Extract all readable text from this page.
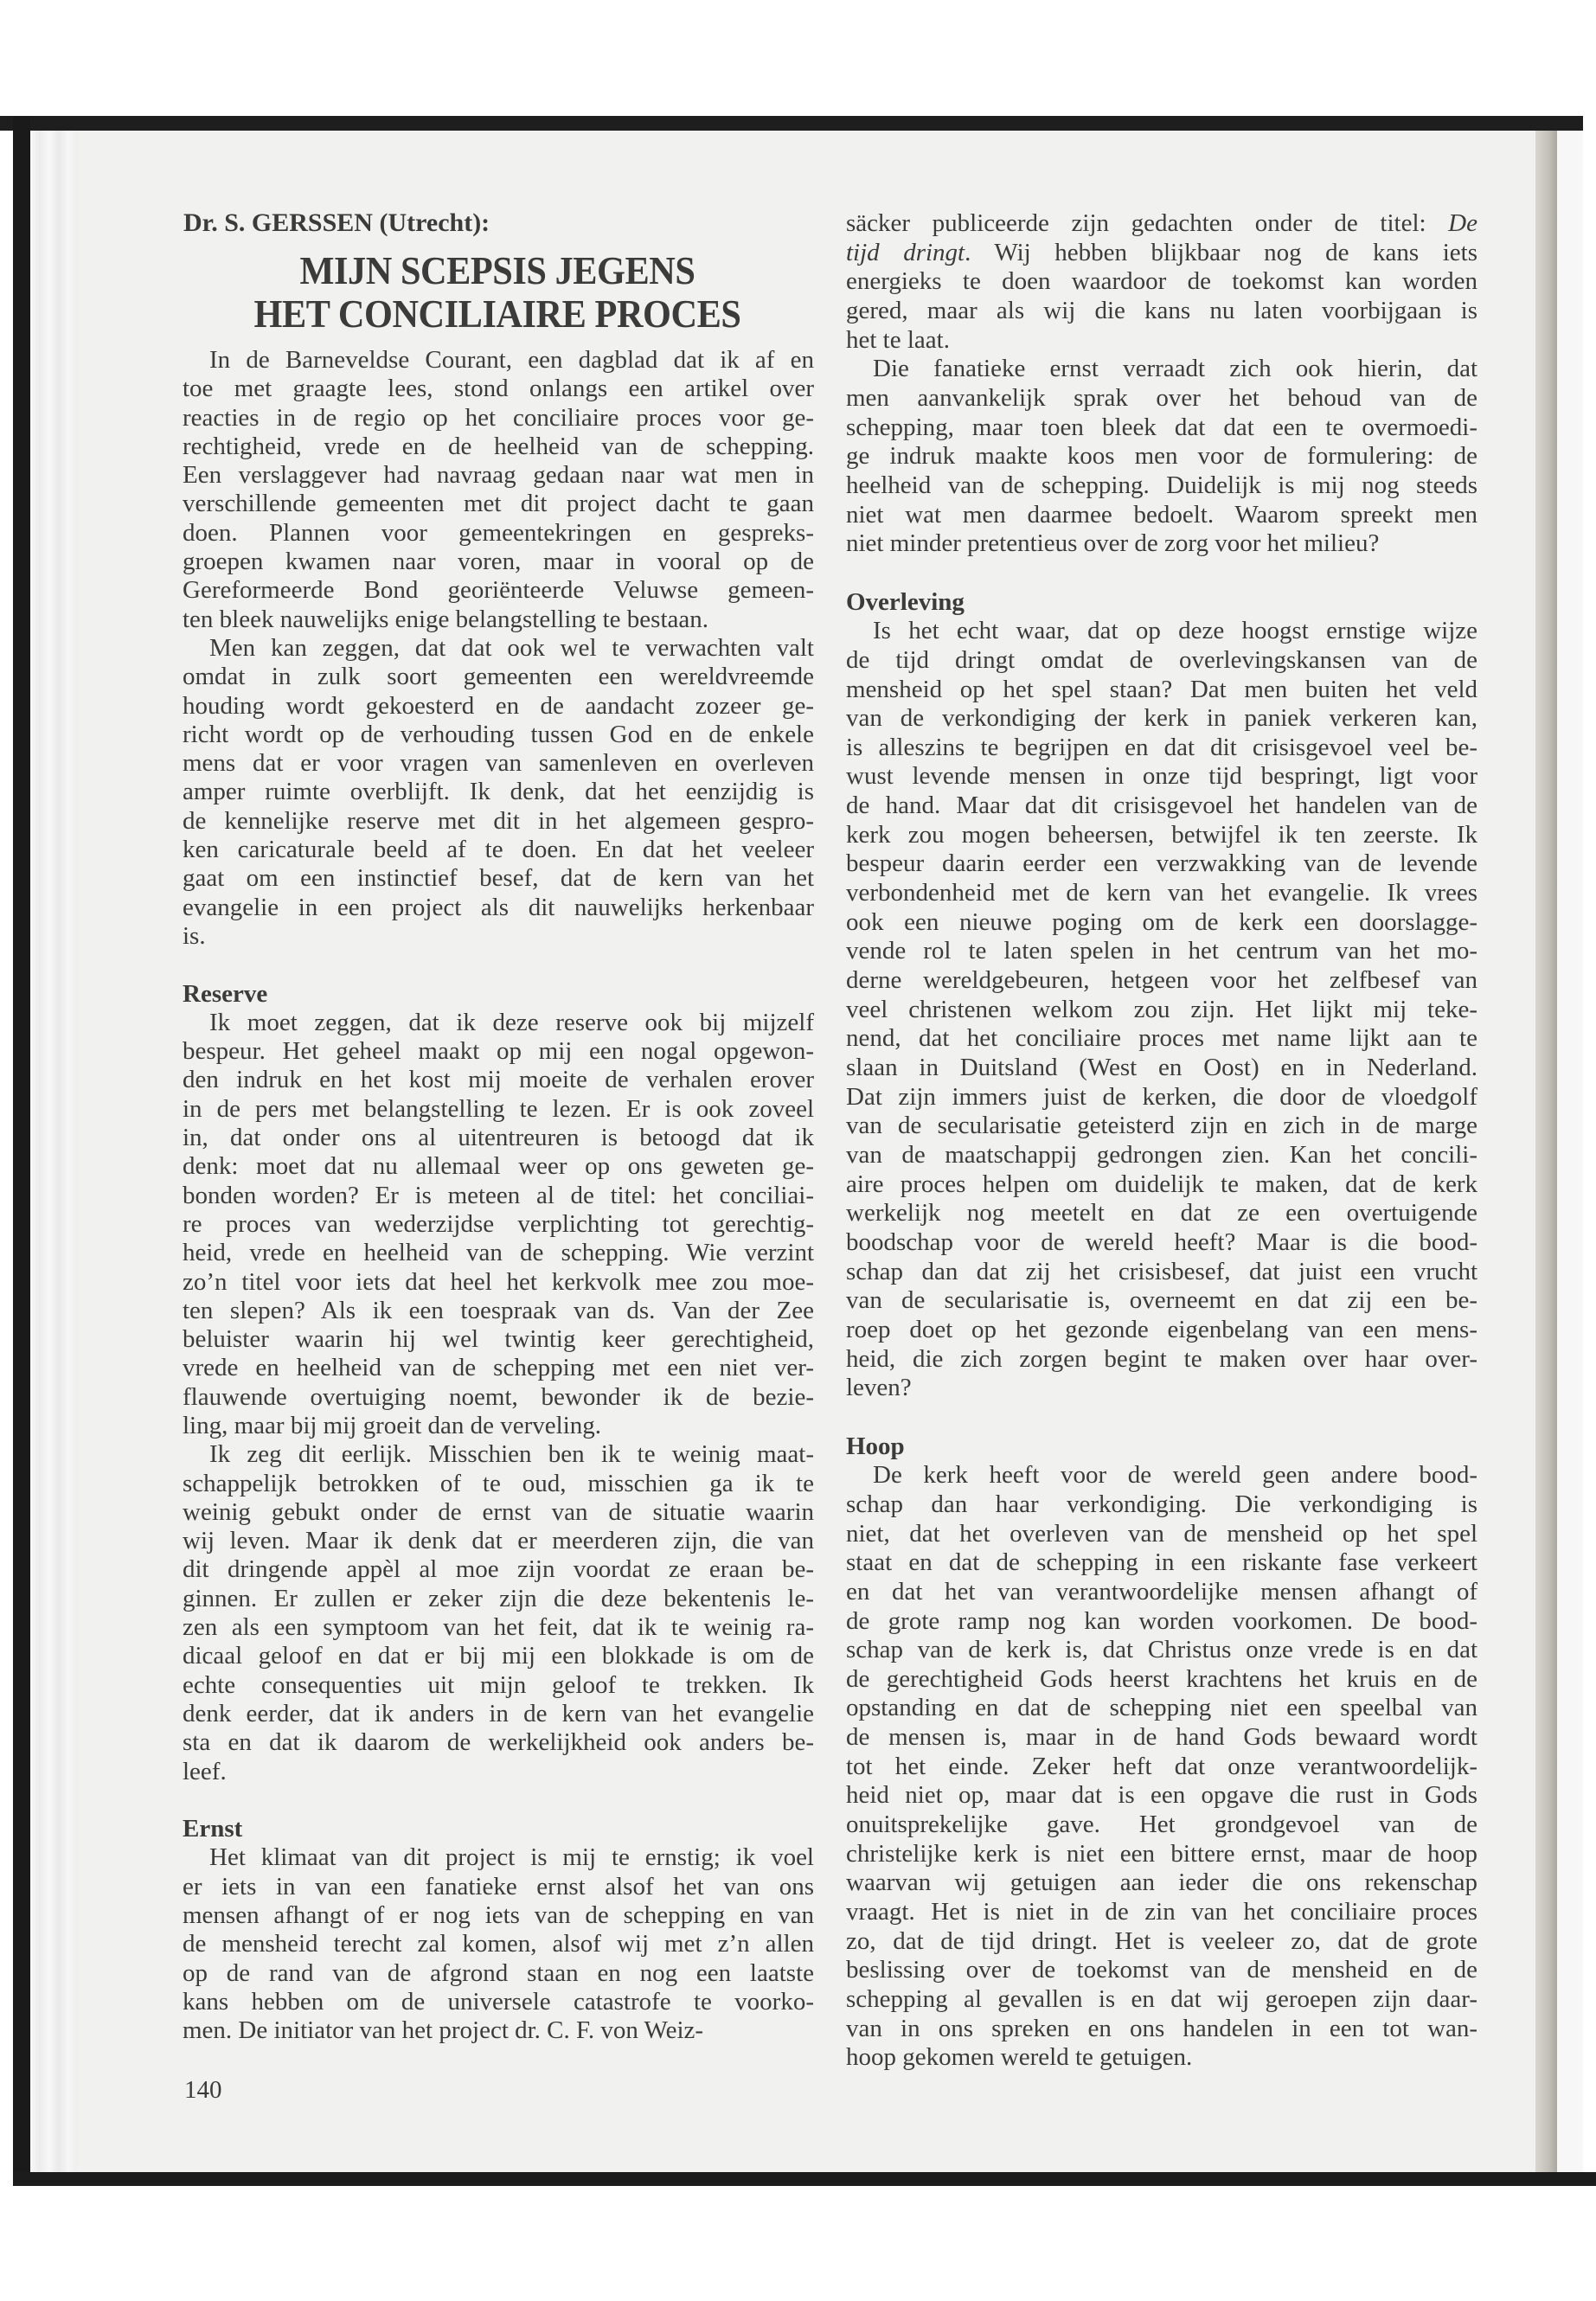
Dr. S. GERSSEN (Utrecht):
MIJN SCEPSIS JEGENS
HET CONCILIAIRE PROCES
In de Barneveldse Courant, een dagblad dat ik af en
toe met graagte lees, stond onlangs een artikel over
reacties in de regio op het conciliaire proces voor ge-
rechtigheid, vrede en de heelheid van de schepping.
Een verslaggever had navraag gedaan naar wat men in
verschillende gemeenten met dit project dacht te gaan
doen. Plannen voor gemeentekringen en gespreks-
groepen kwamen naar voren, maar in vooral op de
Gereformeerde Bond georiënteerde Veluwse gemeen-
ten bleek nauwelijks enige belangstelling te bestaan.
Men kan zeggen, dat dat ook wel te verwachten valt
omdat in zulk soort gemeenten een wereldvreemde
houding wordt gekoesterd en de aandacht zozeer ge-
richt wordt op de verhouding tussen God en de enkele
mens dat er voor vragen van samenleven en overleven
amper ruimte overblijft. Ik denk, dat het eenzijdig is
de kennelijke reserve met dit in het algemeen gespro-
ken caricaturale beeld af te doen. En dat het veeleer
gaat om een instinctief besef, dat de kern van het
evangelie in een project als dit nauwelijks herkenbaar
is.
Reserve
Ik moet zeggen, dat ik deze reserve ook bij mijzelf
bespeur. Het geheel maakt op mij een nogal opgewon-
den indruk en het kost mij moeite de verhalen erover
in de pers met belangstelling te lezen. Er is ook zoveel
in, dat onder ons al uitentreuren is betoogd dat ik
denk: moet dat nu allemaal weer op ons geweten ge-
bonden worden? Er is meteen al de titel: het conciliai-
re proces van wederzijdse verplichting tot gerechtig-
heid, vrede en heelheid van de schepping. Wie verzint
zo’n titel voor iets dat heel het kerkvolk mee zou moe-
ten slepen? Als ik een toespraak van ds. Van der Zee
beluister waarin hij wel twintig keer gerechtigheid,
vrede en heelheid van de schepping met een niet ver-
flauwende overtuiging noemt, bewonder ik de bezie-
ling, maar bij mij groeit dan de verveling.
Ik zeg dit eerlijk. Misschien ben ik te weinig maat-
schappelijk betrokken of te oud, misschien ga ik te
weinig gebukt onder de ernst van de situatie waarin
wij leven. Maar ik denk dat er meerderen zijn, die van
dit dringende appèl al moe zijn voordat ze eraan be-
ginnen. Er zullen er zeker zijn die deze bekentenis le-
zen als een symptoom van het feit, dat ik te weinig ra-
dicaal geloof en dat er bij mij een blokkade is om de
echte consequenties uit mijn geloof te trekken. Ik
denk eerder, dat ik anders in de kern van het evangelie
sta en dat ik daarom de werkelijkheid ook anders be-
leef.
Ernst
Het klimaat van dit project is mij te ernstig; ik voel
er iets in van een fanatieke ernst alsof het van ons
mensen afhangt of er nog iets van de schepping en van
de mensheid terecht zal komen, alsof wij met z’n allen
op de rand van de afgrond staan en nog een laatste
kans hebben om de universele catastrofe te voorko-
men. De initiator van het project dr. C. F. von Weiz-
säcker publiceerde zijn gedachten onder de titel: De
tijd dringt. Wij hebben blijkbaar nog de kans iets
energieks te doen waardoor de toekomst kan worden
gered, maar als wij die kans nu laten voorbijgaan is
het te laat.
Die fanatieke ernst verraadt zich ook hierin, dat
men aanvankelijk sprak over het behoud van de
schepping, maar toen bleek dat dat een te overmoedi-
ge indruk maakte koos men voor de formulering: de
heelheid van de schepping. Duidelijk is mij nog steeds
niet wat men daarmee bedoelt. Waarom spreekt men
niet minder pretentieus over de zorg voor het milieu?
Overleving
Is het echt waar, dat op deze hoogst ernstige wijze
de tijd dringt omdat de overlevingskansen van de
mensheid op het spel staan? Dat men buiten het veld
van de verkondiging der kerk in paniek verkeren kan,
is alleszins te begrijpen en dat dit crisisgevoel veel be-
wust levende mensen in onze tijd bespringt, ligt voor
de hand. Maar dat dit crisisgevoel het handelen van de
kerk zou mogen beheersen, betwijfel ik ten zeerste. Ik
bespeur daarin eerder een verzwakking van de levende
verbondenheid met de kern van het evangelie. Ik vrees
ook een nieuwe poging om de kerk een doorslagge-
vende rol te laten spelen in het centrum van het mo-
derne wereldgebeuren, hetgeen voor het zelfbesef van
veel christenen welkom zou zijn. Het lijkt mij teke-
nend, dat het conciliaire proces met name lijkt aan te
slaan in Duitsland (West en Oost) en in Nederland.
Dat zijn immers juist de kerken, die door de vloedgolf
van de secularisatie geteisterd zijn en zich in de marge
van de maatschappij gedrongen zien. Kan het concili-
aire proces helpen om duidelijk te maken, dat de kerk
werkelijk nog meetelt en dat ze een overtuigende
boodschap voor de wereld heeft? Maar is die bood-
schap dan dat zij het crisisbesef, dat juist een vrucht
van de secularisatie is, overneemt en dat zij een be-
roep doet op het gezonde eigenbelang van een mens-
heid, die zich zorgen begint te maken over haar over-
leven?
Hoop
De kerk heeft voor de wereld geen andere bood-
schap dan haar verkondiging. Die verkondiging is
niet, dat het overleven van de mensheid op het spel
staat en dat de schepping in een riskante fase verkeert
en dat het van verantwoordelijke mensen afhangt of
de grote ramp nog kan worden voorkomen. De bood-
schap van de kerk is, dat Christus onze vrede is en dat
de gerechtigheid Gods heerst krachtens het kruis en de
opstanding en dat de schepping niet een speelbal van
de mensen is, maar in de hand Gods bewaard wordt
tot het einde. Zeker heft dat onze verantwoordelijk-
heid niet op, maar dat is een opgave die rust in Gods
onuitsprekelijke gave. Het grondgevoel van de
christelijke kerk is niet een bittere ernst, maar de hoop
waarvan wij getuigen aan ieder die ons rekenschap
vraagt. Het is niet in de zin van het conciliaire proces
zo, dat de tijd dringt. Het is veeleer zo, dat de grote
beslissing over de toekomst van de mensheid en de
schepping al gevallen is en dat wij geroepen zijn daar-
van in ons spreken en ons handelen in een tot wan-
hoop gekomen wereld te getuigen.
140
